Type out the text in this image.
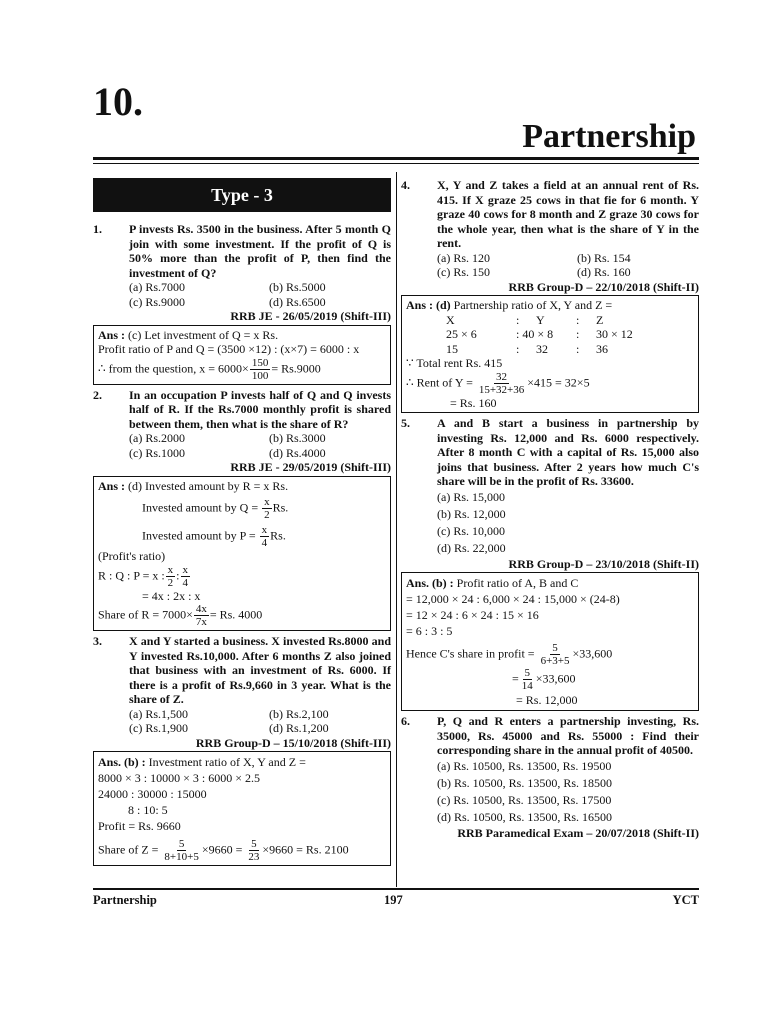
10.
Partnership
Type - 3
1.	P invests Rs. 3500 in the business. After 5 month Q join with some investment. If the profit of Q is 50% more than the profit of P, then find the investment of Q?
(a) Rs.7000	(b) Rs.5000
(c) Rs.9000	(d) Rs.6500
RRB JE - 26/05/2019 (Shift-III)
Ans : (c) Let investment of Q = x Rs.
Profit ratio of P and Q = (3500 ×12) : (x×7) = 6000 : x
∴ from the question, $x = 6000\times \frac{150}{100} = Rs.9000$
2.	In an occupation P invests half of Q and Q invests half of R. If the Rs.7000 monthly profit is shared between them, then what is the share of R?
(a) Rs.2000	(b) Rs.3000
(c) Rs.1000	(d) Rs.4000
RRB JE - 29/05/2019 (Shift-III)
Ans : (d) Invested amount by R = x Rs.
Invested amount by $Q = \frac{x}{2} Rs$.
Invested amount by $P = \frac{x}{4} Rs$.
(Profit's ratio)
R : Q : P = x : $\frac{x}{2}$ : $\frac{x}{4}$
= 4x : 2x : x
Share of $R = 7000\times \frac{4x}{7x} = Rs$. 4000
3.	X and Y started a business. X invested Rs.8000 and Y invested Rs.10,000. After 6 months Z also joined that business with an investment of Rs. 6000. If there is a profit of Rs.9,660 in 3 year. What is the share of Z.
(a) Rs.1,500	(b) Rs.2,100
(c) Rs.1,900	(d) Rs.1,200
RRB Group-D – 15/10/2018 (Shift-III)
Ans. (b) : Investment ratio of X, Y and Z =
8000 × 3 : 10000 × 3 : 6000 × 2.5
24000 : 30000 : 15000
8 : 10: 5
Profit = Rs. 9660
Share of $Z = \frac{5}{8+10+5} \times 9660 = \frac{5}{23} \times 9660 = Rs$. 2100
4.	X, Y and Z takes a field at an annual rent of Rs. 415. If X graze 25 cows in that fie for 6 month. Y graze 40 cows for 8 month and Z graze 30 cows for the whole year, then what is the share of Y in the rent.
(a) Rs. 120	(b) Rs. 154
(c) Rs. 150	(d) Rs. 160
RRB Group-D – 22/10/2018 (Shift-II)
Ans : (d) Partnership ratio of X, Y and Z =
X	:	Y	:	Z
25 × 6	: 40 × 8	:	30 × 12
15	:	32	:	36
∵ Total rent Rs. 415
∴ Rent of $Y = \frac{32}{15+32+36} \times 415 = 32\times 5$
= Rs. 160
5.	A and B start a business in partnership by investing Rs. 12,000 and Rs. 6000 respectively. After 8 month C with a capital of Rs. 15,000 also joins that business. After 2 years how much C's share will be in the profit of Rs. 33600.
(a) Rs. 15,000
(b) Rs. 12,000
(c) Rs. 10,000
(d) Rs. 22,000
RRB Group-D – 23/10/2018 (Shift-II)
Ans. (b) : Profit ratio of A, B and C
= 12,000 × 24 : 6,000 × 24 : 15,000 × (24-8)
= 12 × 24 : 6 × 24 : 15 × 16
= 6 : 3 : 5
Hence C's share in profit = $\frac{5}{6+3+5} \times 33,600$
= $\frac{5}{14} \times 33,600$
= Rs. 12,000
6.	P, Q and R enters a partnership investing, Rs. 35000, Rs. 45000 and Rs. 55000 : Find their corresponding share in the annual profit of 40500.
(a) Rs. 10500, Rs. 13500, Rs. 19500
(b) Rs. 10500, Rs. 13500, Rs. 18500
(c) Rs. 10500, Rs. 13500, Rs. 17500
(d) Rs. 10500, Rs. 13500, Rs. 16500
RRB Paramedical Exam – 20/07/2018 (Shift-II)
Partnership	197	YCT
